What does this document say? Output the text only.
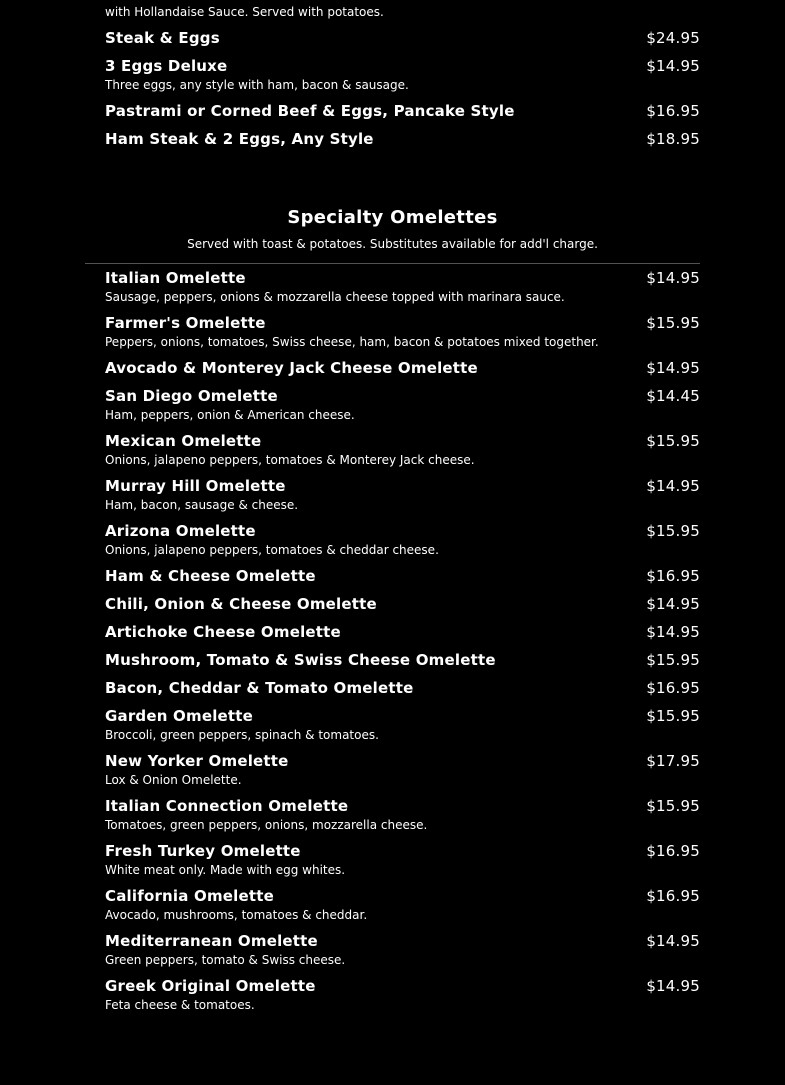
with Hollandaise Sauce. Served with potatoes.
Steak & Eggs	$24.95
3 Eggs Deluxe	$14.95
Three eggs, any style with ham, bacon & sausage.
Pastrami or Corned Beef & Eggs, Pancake Style	$16.95
Ham Steak & 2 Eggs, Any Style	$18.95
Specialty Omelettes
Served with toast & potatoes. Substitutes available for add'l charge.
Italian Omelette	$14.95
Sausage, peppers, onions & mozzarella cheese topped with marinara sauce.
Farmer's Omelette	$15.95
Peppers, onions, tomatoes, Swiss cheese, ham, bacon & potatoes mixed together.
Avocado & Monterey Jack Cheese Omelette	$14.95
San Diego Omelette	$14.45
Ham, peppers, onion & American cheese.
Mexican Omelette	$15.95
Onions, jalapeno peppers, tomatoes & Monterey Jack cheese.
Murray Hill Omelette	$14.95
Ham, bacon, sausage & cheese.
Arizona Omelette	$15.95
Onions, jalapeno peppers, tomatoes & cheddar cheese.
Ham & Cheese Omelette	$16.95
Chili, Onion & Cheese Omelette	$14.95
Artichoke Cheese Omelette	$14.95
Mushroom, Tomato & Swiss Cheese Omelette	$15.95
Bacon, Cheddar & Tomato Omelette	$16.95
Garden Omelette	$15.95
Broccoli, green peppers, spinach & tomatoes.
New Yorker Omelette	$17.95
Lox & Onion Omelette.
Italian Connection Omelette	$15.95
Tomatoes, green peppers, onions, mozzarella cheese.
Fresh Turkey Omelette	$16.95
White meat only. Made with egg whites.
California Omelette	$16.95
Avocado, mushrooms, tomatoes & cheddar.
Mediterranean Omelette	$14.95
Green peppers, tomato & Swiss cheese.
Greek Original Omelette	$14.95
Feta cheese & tomatoes.
